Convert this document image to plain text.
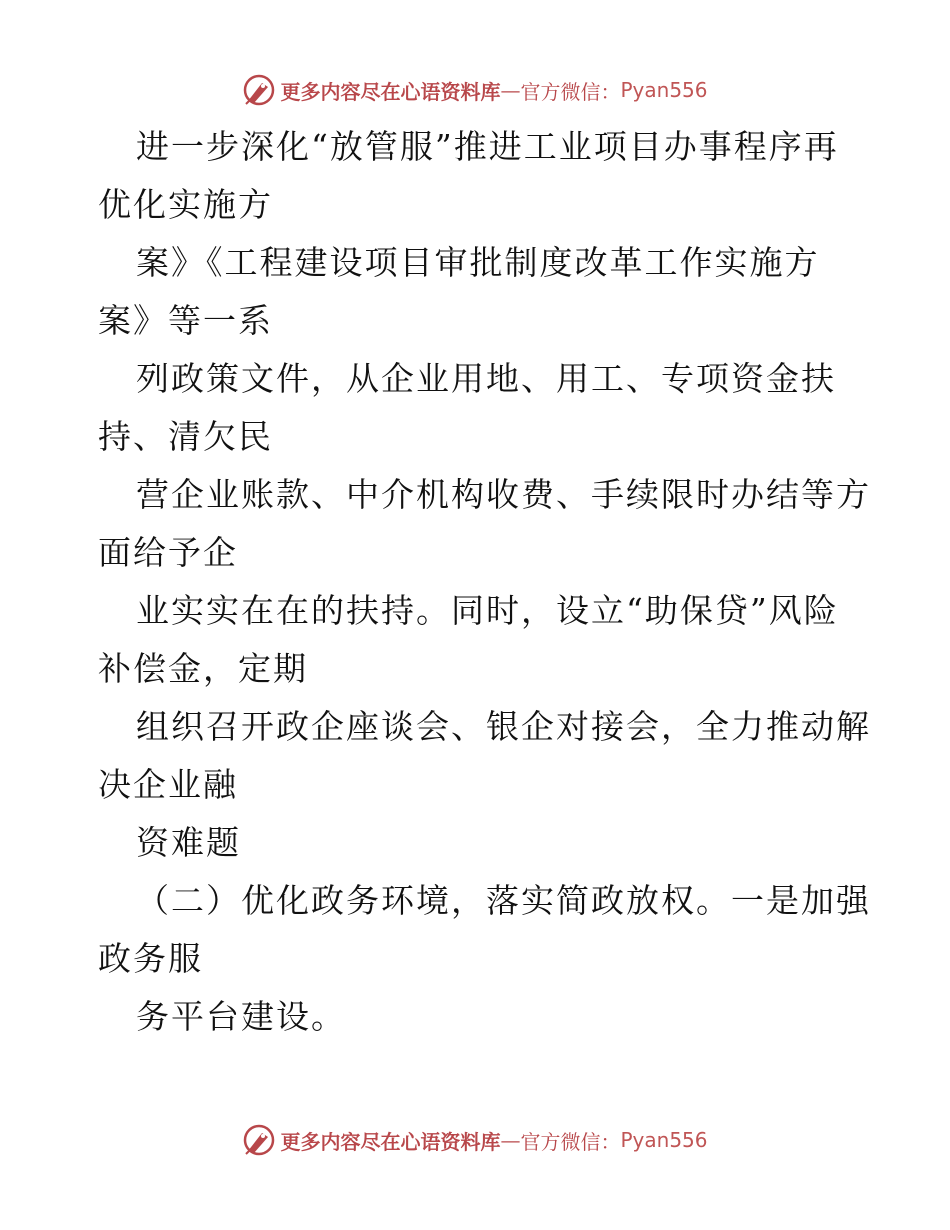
更多内容尽在心语资料库 — 官方微信： Pyan556
进一步深化“放管服”推进工业项目办事程序再
优化实施方
案》《工程建设项目审批制度改革工作实施方
案》等一系
列政策文件，从企业用地、用工、专项资金扶
持、清欠民
营企业账款、中介机构收费、手续限时办结等方
面给予企
业实实在在的扶持。同时，设立“助保贷”风险
补偿金，定期
组织召开政企座谈会、银企对接会，全力推动解
决企业融
资难题
（二）优化政务环境，落实简政放权。一是加强
政务服
务平台建设。
更多内容尽在心语资料库 — 官方微信： Pyan556
